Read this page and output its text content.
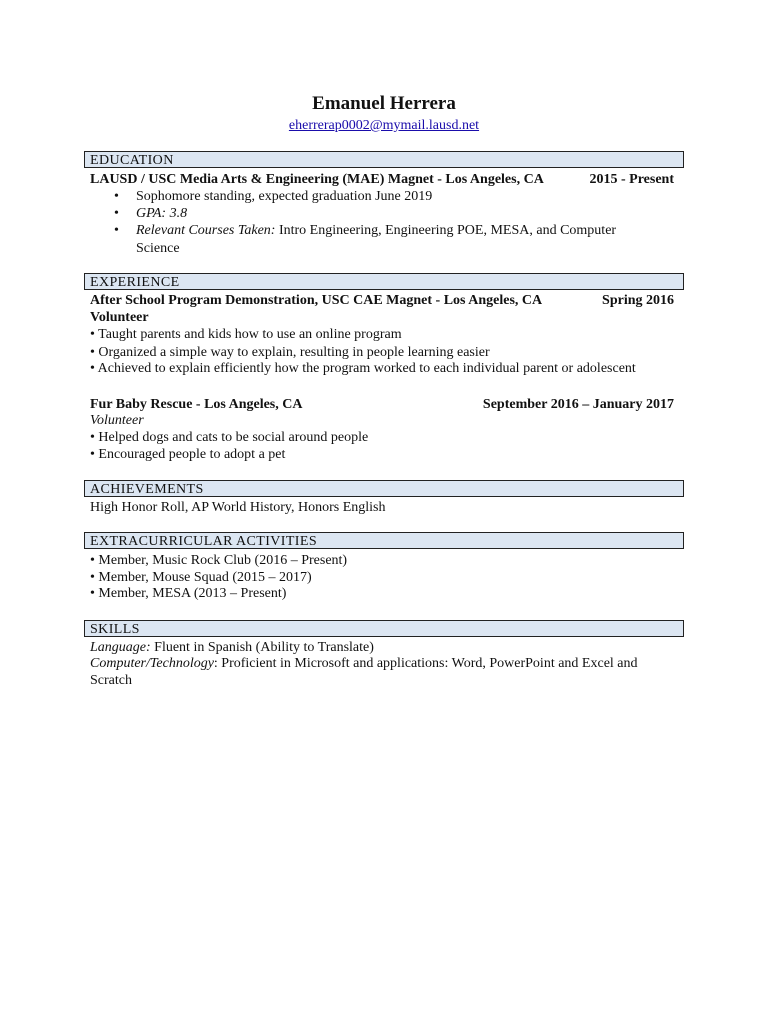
Emanuel Herrera
eherrerap0002@mymail.lausd.net
EDUCATION
LAUSD / USC Media Arts & Engineering (MAE) Magnet - Los Angeles, CA	2015 - Present
• Sophomore standing, expected graduation June 2019
• GPA: 3.8
• Relevant Courses Taken: Intro Engineering, Engineering POE, MESA, and Computer
Science
EXPERIENCE
After School Program Demonstration, USC CAE Magnet - Los Angeles, CA	Spring 2016
Volunteer
• Taught parents and kids how to use an online program
• Organized a simple way to explain, resulting in people learning easier
• Achieved to explain efficiently how the program worked to each individual parent or adolescent
Fur Baby Rescue - Los Angeles, CA	September 2016 – January 2017
Volunteer
• Helped dogs and cats to be social around people
• Encouraged people to adopt a pet
ACHIEVEMENTS
High Honor Roll, AP World History, Honors English
EXTRACURRICULAR ACTIVITIES
• Member, Music Rock Club (2016 – Present)
• Member, Mouse Squad (2015 – 2017)
• Member, MESA (2013 – Present)
SKILLS
Language: Fluent in Spanish (Ability to Translate)
Computer/Technology: Proficient in Microsoft and applications: Word, PowerPoint and Excel and
Scratch
